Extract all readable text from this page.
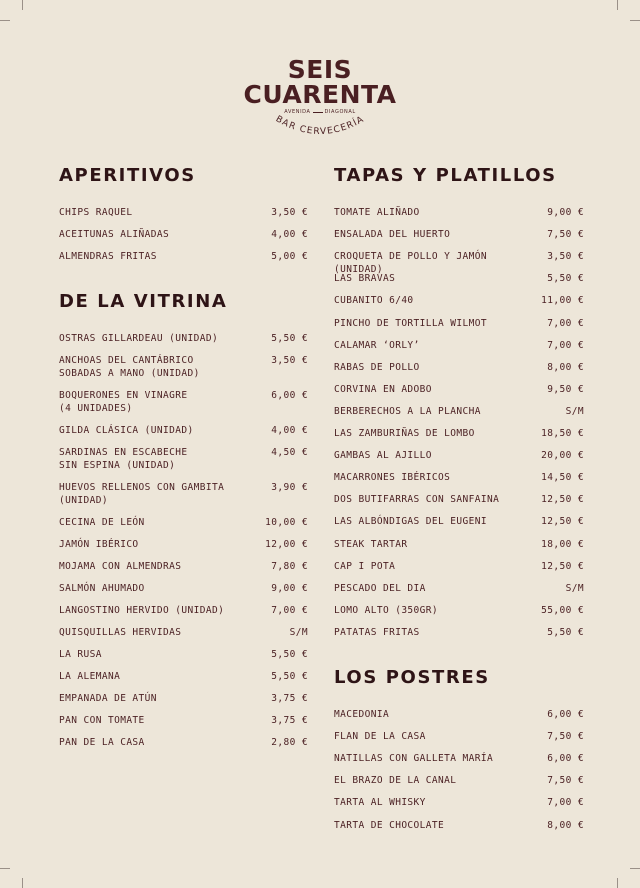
SEIS
CUARENTA
AVENIDA	DIAGONAL
BAR CERVECERÍA
APERITIVOS
CHIPS RAQUEL	3,50 €
ACEITUNAS ALIÑADAS	4,00 €
ALMENDRAS FRITAS	5,00 €
DE LA VITRINA
OSTRAS GILLARDEAU (UNIDAD)	5,50 €
ANCHOAS DEL CANTÁBRICO
SOBADAS A MANO (UNIDAD)
3,50 €
BOQUERONES EN VINAGRE
(4 UNIDADES)
6,00 €
GILDA CLÁSICA (UNIDAD)	4,00 €
SARDINAS EN ESCABECHE
SIN ESPINA (UNIDAD)
4,50 €
HUEVOS RELLENOS CON GAMBITA
(UNIDAD)
3,90 €
CECINA DE LEÓN	10,00 €
JAMÓN IBÉRICO	12,00 €
MOJAMA CON ALMENDRAS	7,80 €
SALMÓN AHUMADO	9,00 €
LANGOSTINO HERVIDO (UNIDAD)	7,00 €
QUISQUILLAS HERVIDAS	S/M
LA RUSA	5,50 €
LA ALEMANA	5,50 €
EMPANADA DE ATÚN	3,75 €
PAN CON TOMATE	3,75 €
PAN DE LA CASA	2,80 €
TAPAS Y PLATILLOS
TOMATE ALIÑADO	9,00 €
ENSALADA DEL HUERTO	7,50 €
CROQUETA DE POLLO Y JAMÓN (UNIDAD)
3,50 €
LAS BRAVAS	5,50 €
CUBANITO 6/40	11,00 €
PINCHO DE TORTILLA WILMOT	7,00 €
CALAMAR ‘ORLY’	7,00 €
RABAS DE POLLO	8,00 €
CORVINA EN ADOBO	9,50 €
BERBERECHOS A LA PLANCHA	S/M
LAS ZAMBURIÑAS DE LOMBO	18,50 €
GAMBAS AL AJILLO	20,00 €
MACARRONES IBÉRICOS	14,50 €
DOS BUTIFARRAS CON SANFAINA	12,50 €
LAS ALBÓNDIGAS DEL EUGENI	12,50 €
STEAK TARTAR	18,00 €
CAP I POTA	12,50 €
PESCADO DEL DIA	S/M
LOMO ALTO (350GR)	55,00 €
PATATAS FRITAS	5,50 €
LOS POSTRES
MACEDONIA	6,00 €
FLAN DE LA CASA	7,50 €
NATILLAS CON GALLETA MARÍA	6,00 €
EL BRAZO DE LA CANAL	7,50 €
TARTA AL WHISKY	7,00 €
TARTA DE CHOCOLATE	8,00 €
